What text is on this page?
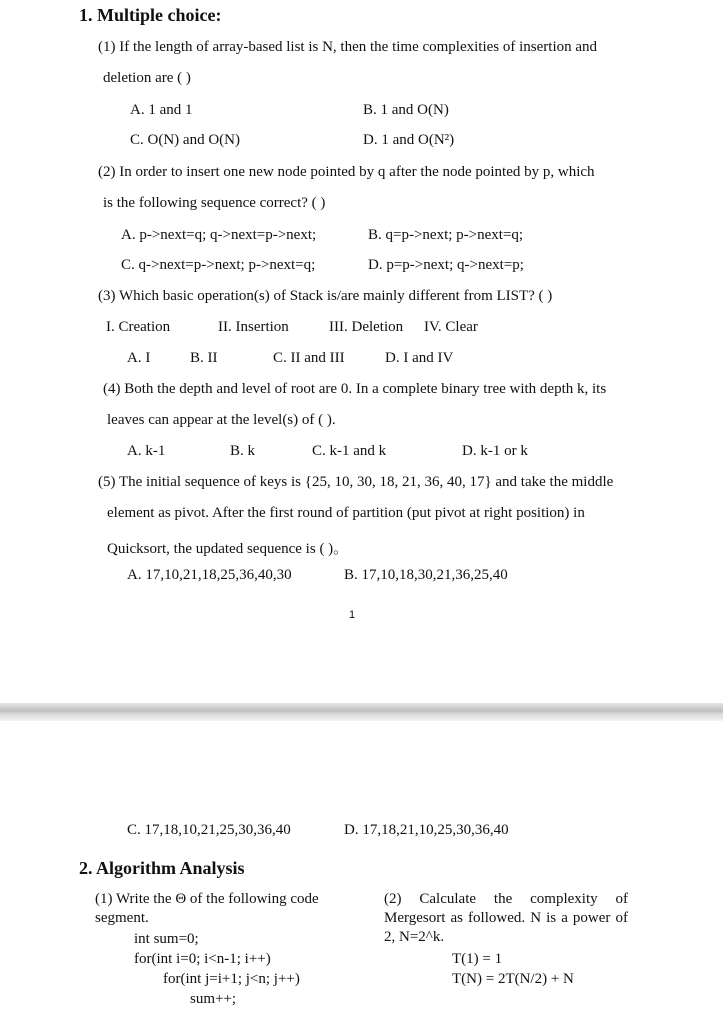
1. Multiple choice:
(1) If the length of array-based list is N, then the time complexities of insertion and
deletion are ( )
A. 1 and 1	B. 1 and O(N)
C. O(N) and O(N)	D. 1 and O(N²)
(2) In order to insert one new node pointed by q after the node pointed by p, which
is the following sequence correct? ( )
A. p->next=q; q->next=p->next;	B. q=p->next; p->next=q;
C. q->next=p->next; p->next=q;	D. p=p->next; q->next=p;
(3) Which basic operation(s) of Stack is/are mainly different from LIST? ( )
I. Creation	II. Insertion	III. Deletion IV. Clear
A. I	B. II	C. II and III	D. I and IV
(4) Both the depth and level of root are 0. In a complete binary tree with depth k, its
leaves can appear at the level(s) of ( ).
A. k-1	B. k	C. k-1 and k	D. k-1 or k
(5) The initial sequence of keys is {25, 10, 30, 18, 21, 36, 40, 17} and take the middle
element as pivot. After the first round of partition (put pivot at right position) in
Quicksort, the updated sequence is ( )。
A. 17,10,21,18,25,36,40,30	B. 17,10,18,30,21,36,25,40
1
C. 17,18,10,21,25,30,36,40	D. 17,18,21,10,25,30,36,40
2. Algorithm Analysis
(1) Write the Θ of the following code segment.
int sum=0;
for(int i=0; i<n-1; i++)
for(int j=i+1; j<n; j++)
sum++;
(2) Calculate the complexity of Mergesort as followed. N is a power of 2, N=2^k.
T(1) = 1
T(N) = 2T(N/2) + N
